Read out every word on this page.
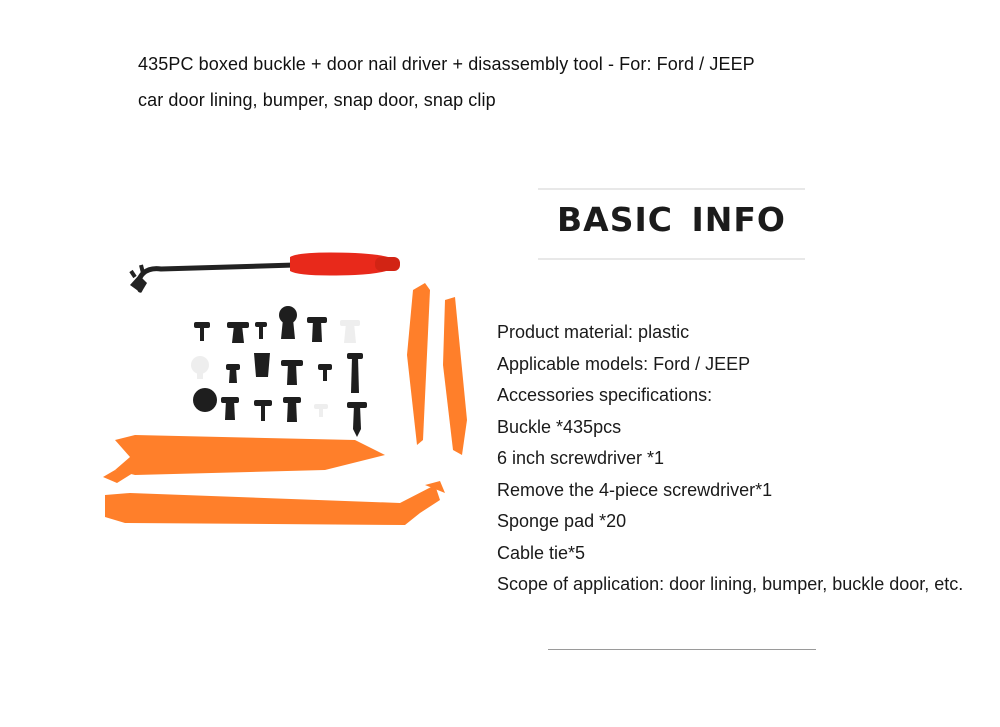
435PC boxed buckle + door nail driver + disassembly tool - For: Ford / JEEP
car door lining, bumper, snap door, snap clip
BASIC INFO
Product material: plastic
Applicable models: Ford / JEEP
Accessories specifications:
Buckle *435pcs
6 inch screwdriver *1
Remove the 4-piece screwdriver*1
Sponge pad *20
Cable tie*5
Scope of application: door lining, bumper, buckle door, etc.
